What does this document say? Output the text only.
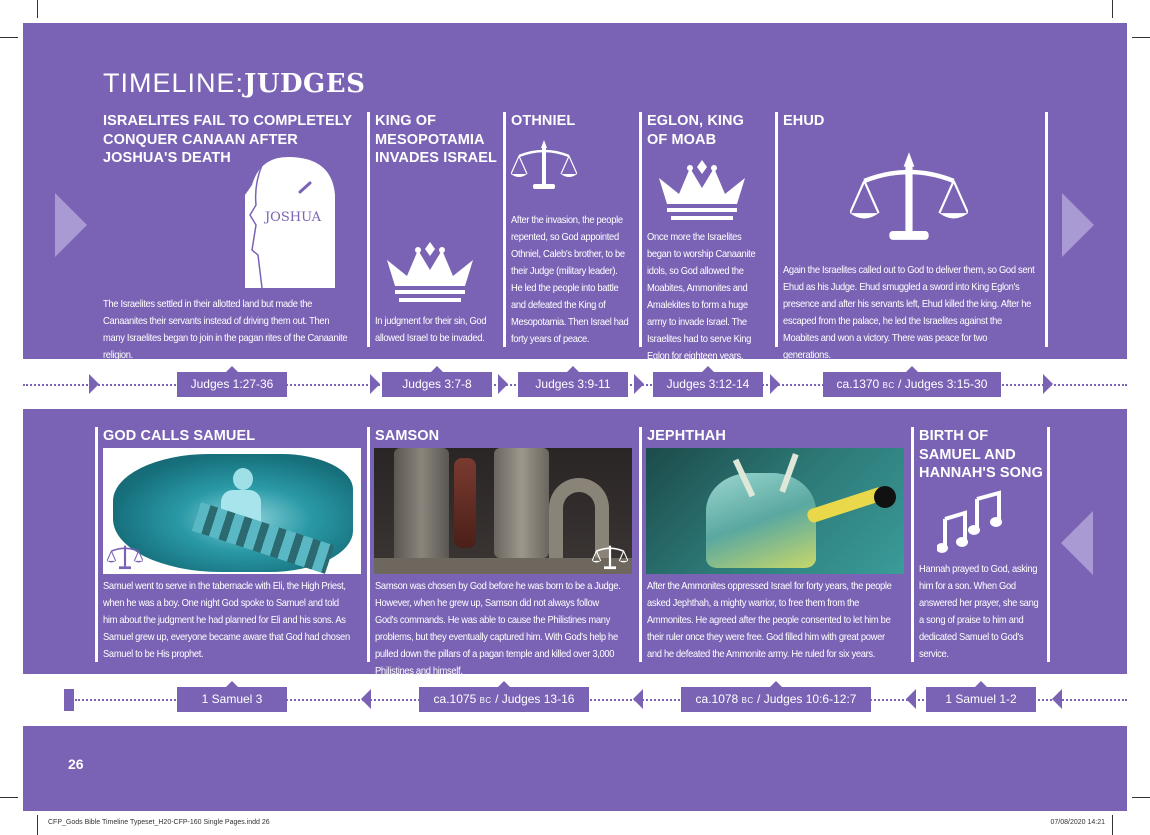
TIMELINE:JUDGES
ISRAELITES FAIL TO COMPLETELY CONQUER CANAAN AFTER JOSHUA'S DEATH
JOSHUA

The Israelites settled in their allotted land but made the Canaanites their servants instead of driving them out. Then many Israelites began to join in the pagan rites of the Canaanite religion.

KING OF MESOPOTAMIA INVADES ISRAEL

In judgment for their sin, God allowed Israel to be invaded.

OTHNIEL

After the invasion, the people repented, so God appointed Othniel, Caleb's brother, to be their Judge (military leader). He led the people into battle and defeated the King of Mesopotamia. Then Israel had forty years of peace.

EGLON, KING OF MOAB

Once more the Israelites began to worship Canaanite idols, so God allowed the Moabites, Ammonites and Amalekites to form a huge army to invade Israel. The Israelites had to serve King Eglon for eighteen years.

EHUD

Again the Israelites called out to God to deliver them, so God sent Ehud as his Judge. Ehud smuggled a sword into King Eglon's presence and after his servants left, Ehud killed the king. After he escaped from the palace, he led the Israelites against the Moabites and won a victory. There was peace for two generations.

Judges 1:27-36	Judges 3:7-8	Judges 3:9-11	Judges 3:12-14	ca.1370 BC / Judges 3:15-30
GOD CALLS SAMUEL

Samuel went to serve in the tabernacle with Eli, the High Priest, when he was a boy. One night God spoke to Samuel and told him about the judgment he had planned for Eli and his sons. As Samuel grew up, everyone became aware that God had chosen Samuel to be His prophet.

SAMSON

Samson was chosen by God before he was born to be a Judge. However, when he grew up, Samson did not always follow God's commands. He was able to cause the Philistines many problems, but they eventually captured him. With God's help he pulled down the pillars of a pagan temple and killed over 3,000 Philistines and himself.

JEPHTHAH

After the Ammonites oppressed Israel for forty years, the people asked Jephthah, a mighty warrior, to free them from the Ammonites. He agreed after the people consented to let him be their ruler once they were free. God filled him with great power and he defeated the Ammonite army. He ruled for six years.

BIRTH OF SAMUEL AND HANNAH'S SONG

Hannah prayed to God, asking him for a son. When God answered her prayer, she sang a song of praise to him and dedicated Samuel to God's service.

1 Samuel 3	ca.1075 BC / Judges 13-16	ca.1078 BC / Judges 10:6-12:7	1 Samuel 1-2
26
CFP_Gods Bible Timeline Typeset_H20-CFP-160 Single Pages.indd 26	07/08/2020 14:21
